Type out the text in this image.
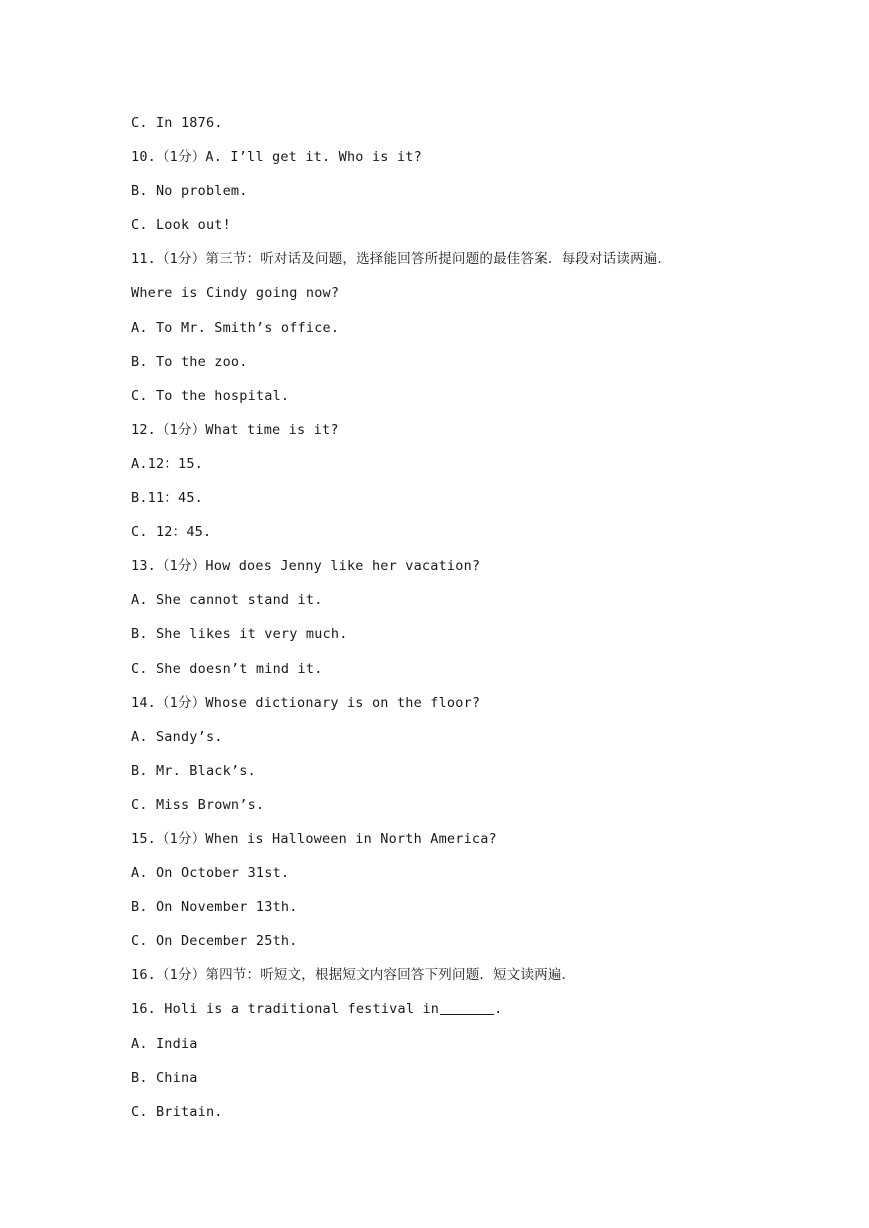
C. In 1876.
10.（1分）A. I’ll get it. Who is it?
B. No problem.
C. Look out!
11.（1分）第三节：听对话及问题，选择能回答所提问题的最佳答案．每段对话读两遍．
Where is Cindy going now?
A. To Mr. Smith’s office.
B. To the zoo.
C. To the hospital.
12.（1分）What time is it?
A.12：15.
B.11：45.
C. 12：45.
13.（1分）How does Jenny like her vacation?
A. She cannot stand it.
B. She likes it very much.
C. She doesn’t mind it.
14.（1分）Whose dictionary is on the floor?
A. Sandy’s.
B. Mr. Black’s.
C. Miss Brown’s.
15.（1分）When is Halloween in North America?
A. On October 31st.
B. On November 13th.
C. On December 25th.
16.（1分）第四节：听短文，根据短文内容回答下列问题．短文读两遍．
16. Holi is a traditional festival in	.
A. India
B. China
C. Britain.
